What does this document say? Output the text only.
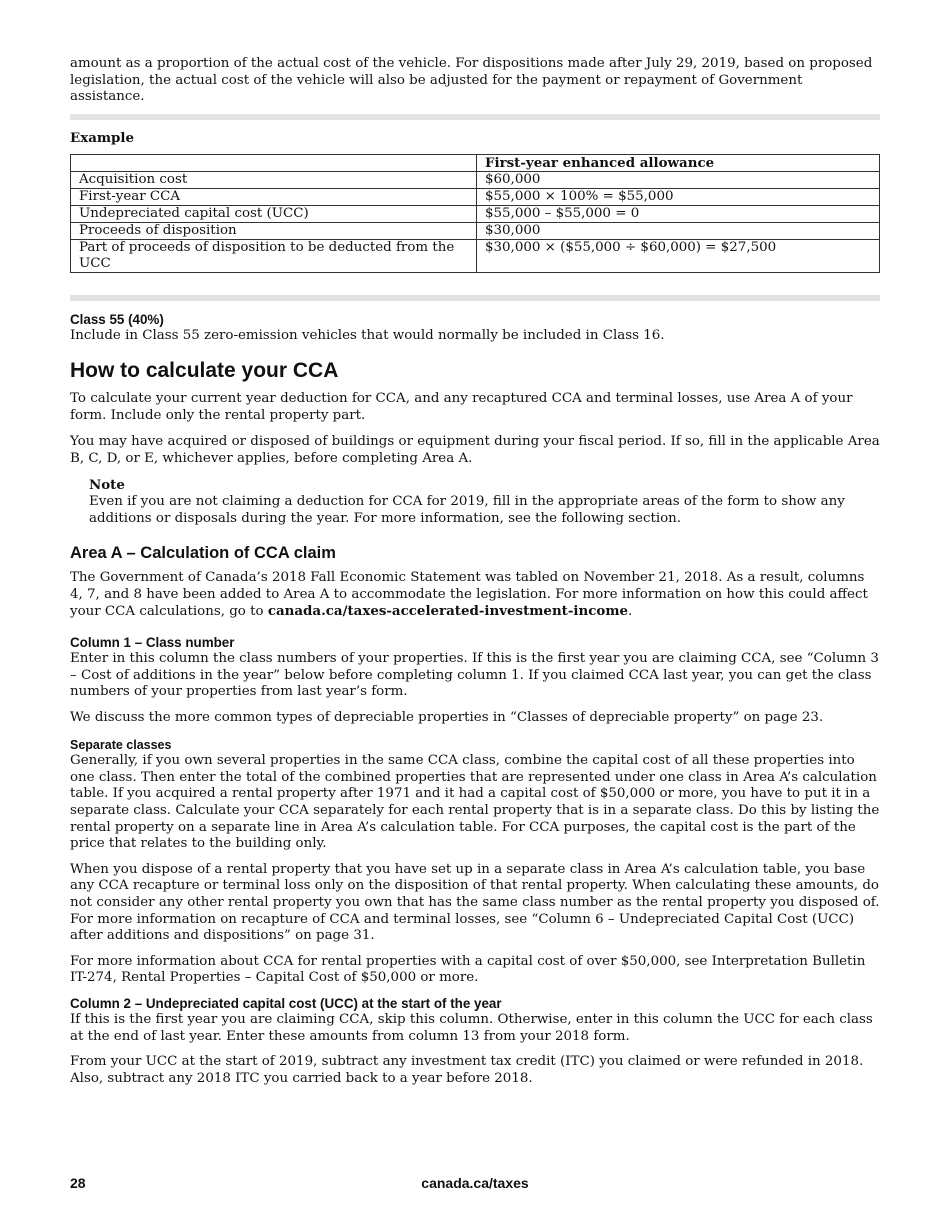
amount as a proportion of the actual cost of the vehicle. For dispositions made after July 29, 2019, based on proposed legislation, the actual cost of the vehicle will also be adjusted for the payment or repayment of Government assistance.

Example

	First-year enhanced allowance
Acquisition cost	$60,000
First-year CCA	$55,000 × 100% = $55,000
Undepreciated capital cost (UCC)	$55,000 – $55,000 = 0
Proceeds of disposition	$30,000
Part of proceeds of disposition to be deducted from the UCC	$30,000 × ($55,000 ÷ $60,000) = $27,500
Class 55 (40%)

Include in Class 55 zero-emission vehicles that would normally be included in Class 16.

How to calculate your CCA

To calculate your current year deduction for CCA, and any recaptured CCA and terminal losses, use Area A of your form. Include only the rental property part.

You may have acquired or disposed of buildings or equipment during your fiscal period. If so, fill in the applicable Area B, C, D, or E, whichever applies, before completing Area A.

Note

Even if you are not claiming a deduction for CCA for 2019, fill in the appropriate areas of the form to show any additions or disposals during the year. For more information, see the following section.

Area A – Calculation of CCA claim

The Government of Canada’s 2018 Fall Economic Statement was tabled on November 21, 2018. As a result, columns 4, 7, and 8 have been added to Area A to accommodate the legislation. For more information on how this could affect your CCA calculations, go to canada.ca/taxes-accelerated-investment-income.

Column 1 – Class number

Enter in this column the class numbers of your properties. If this is the first year you are claiming CCA, see “Column 3 – Cost of additions in the year” below before completing column 1. If you claimed CCA last year, you can get the class numbers of your properties from last year’s form.

We discuss the more common types of depreciable properties in “Classes of depreciable property” on page 23.

Separate classes

Generally, if you own several properties in the same CCA class, combine the capital cost of all these properties into one class. Then enter the total of the combined properties that are represented under one class in Area A’s calculation table. If you acquired a rental property after 1971 and it had a capital cost of $50,000 or more, you have to put it in a separate class. Calculate your CCA separately for each rental property that is in a separate class. Do this by listing the rental property on a separate line in Area A’s calculation table. For CCA purposes, the capital cost is the part of the price that relates to the building only.

When you dispose of a rental property that you have set up in a separate class in Area A’s calculation table, you base any CCA recapture or terminal loss only on the disposition of that rental property. When calculating these amounts, do not consider any other rental property you own that has the same class number as the rental property you disposed of. For more information on recapture of CCA and terminal losses, see “Column 6 – Undepreciated Capital Cost (UCC) after additions and dispositions” on page 31.

For more information about CCA for rental properties with a capital cost of over $50,000, see Interpretation Bulletin IT-274, Rental Properties – Capital Cost of $50,000 or more.

Column 2 – Undepreciated capital cost (UCC) at the start of the year

If this is the first year you are claiming CCA, skip this column. Otherwise, enter in this column the UCC for each class at the end of last year. Enter these amounts from column 13 from your 2018 form.

From your UCC at the start of 2019, subtract any investment tax credit (ITC) you claimed or were refunded in 2018. Also, subtract any 2018 ITC you carried back to a year before 2018.

28	canada.ca/taxes
